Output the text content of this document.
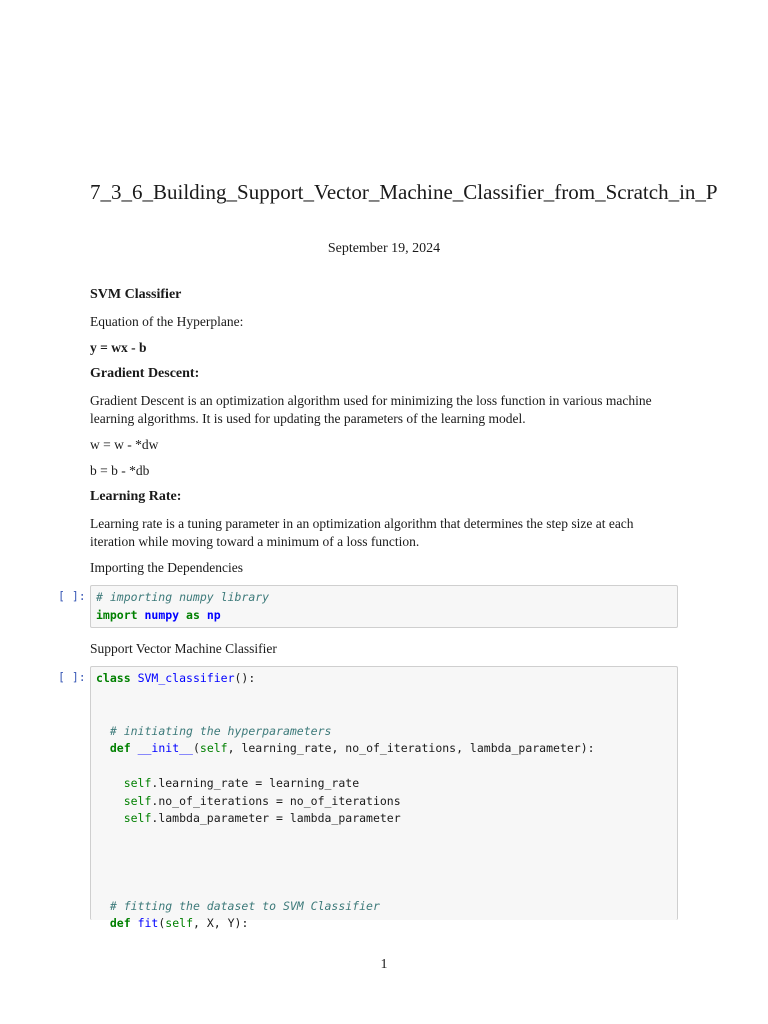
7_3_6_Building_Support_Vector_Machine_Classifier_from_Scratch_in_P
September 19, 2024

SVM Classifier

Equation of the Hyperplane:

y = wx - b

Gradient Descent:

Gradient Descent is an optimization algorithm used for minimizing the loss function in various machine learning algorithms. It is used for updating the parameters of the learning model.

w = w - *dw

b = b - *db

Learning Rate:

Learning rate is a tuning parameter in an optimization algorithm that determines the step size at each iteration while moving toward a minimum of a loss function.

Importing the Dependencies

[ ]: # importing numpy library
import numpy as np

Support Vector Machine Classifier

[ ]: class SVM_classifier():

# initiating the hyperparameters
def __init__(self, learning_rate, no_of_iterations, lambda_parameter):

self.learning_rate = learning_rate
self.no_of_iterations = no_of_iterations
self.lambda_parameter = lambda_parameter

# fitting the dataset to SVM Classifier
def fit(self, X, Y):
1
